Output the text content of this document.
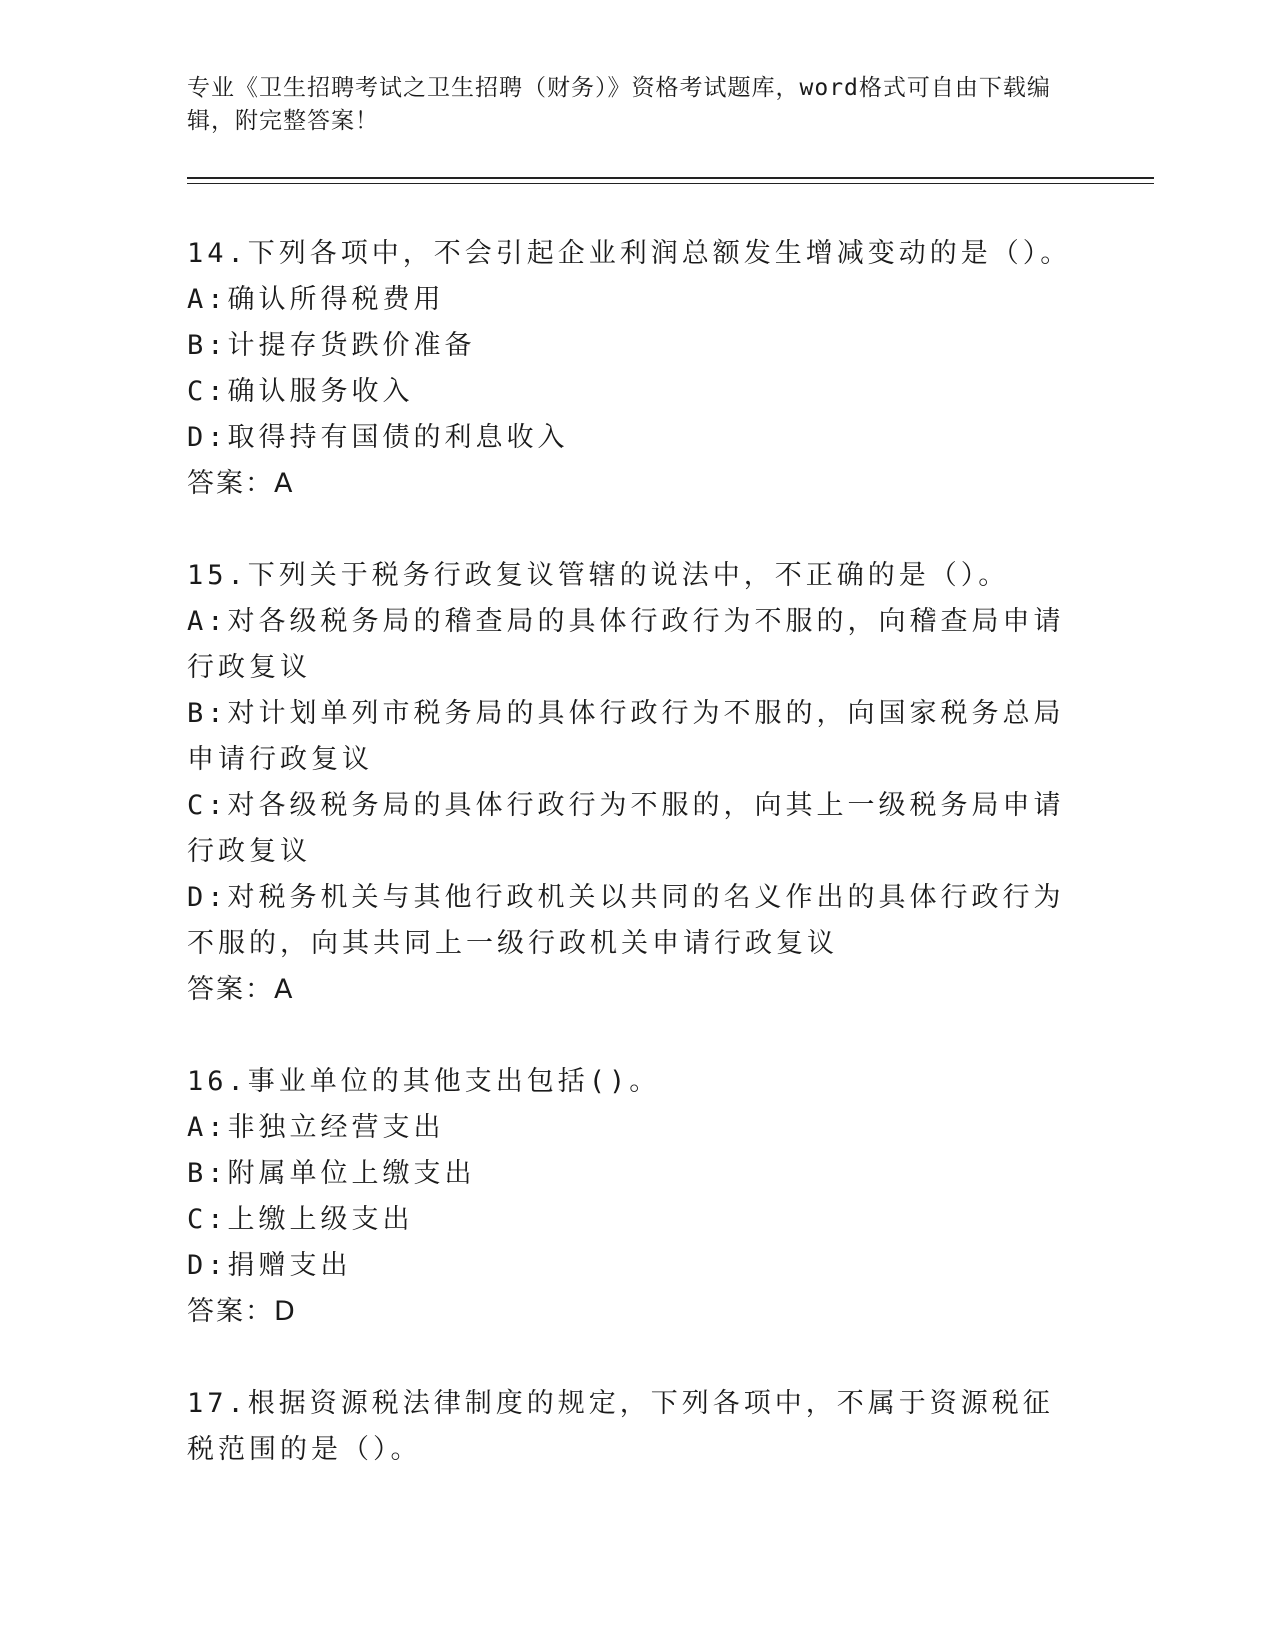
专业《卫生招聘考试之卫生招聘（财务）》资格考试题库，word格式可自由下载编辑，附完整答案！

14.下列各项中，不会引起企业利润总额发生增减变动的是（）。

A:确认所得税费用

B:计提存货跌价准备

C:确认服务收入

D:取得持有国债的利息收入

答案：A

15.下列关于税务行政复议管辖的说法中，不正确的是（）。

A:对各级税务局的稽查局的具体行政行为不服的，向稽查局申请行政复议

B:对计划单列市税务局的具体行政行为不服的，向国家税务总局申请行政复议

C:对各级税务局的具体行政行为不服的，向其上一级税务局申请行政复议

D:对税务机关与其他行政机关以共同的名义作出的具体行政行为不服的，向其共同上一级行政机关申请行政复议

答案：A

16.事业单位的其他支出包括()。

A:非独立经营支出

B:附属单位上缴支出

C:上缴上级支出

D:捐赠支出

答案：D

17.根据资源税法律制度的规定，下列各项中，不属于资源税征税范围的是（）。
